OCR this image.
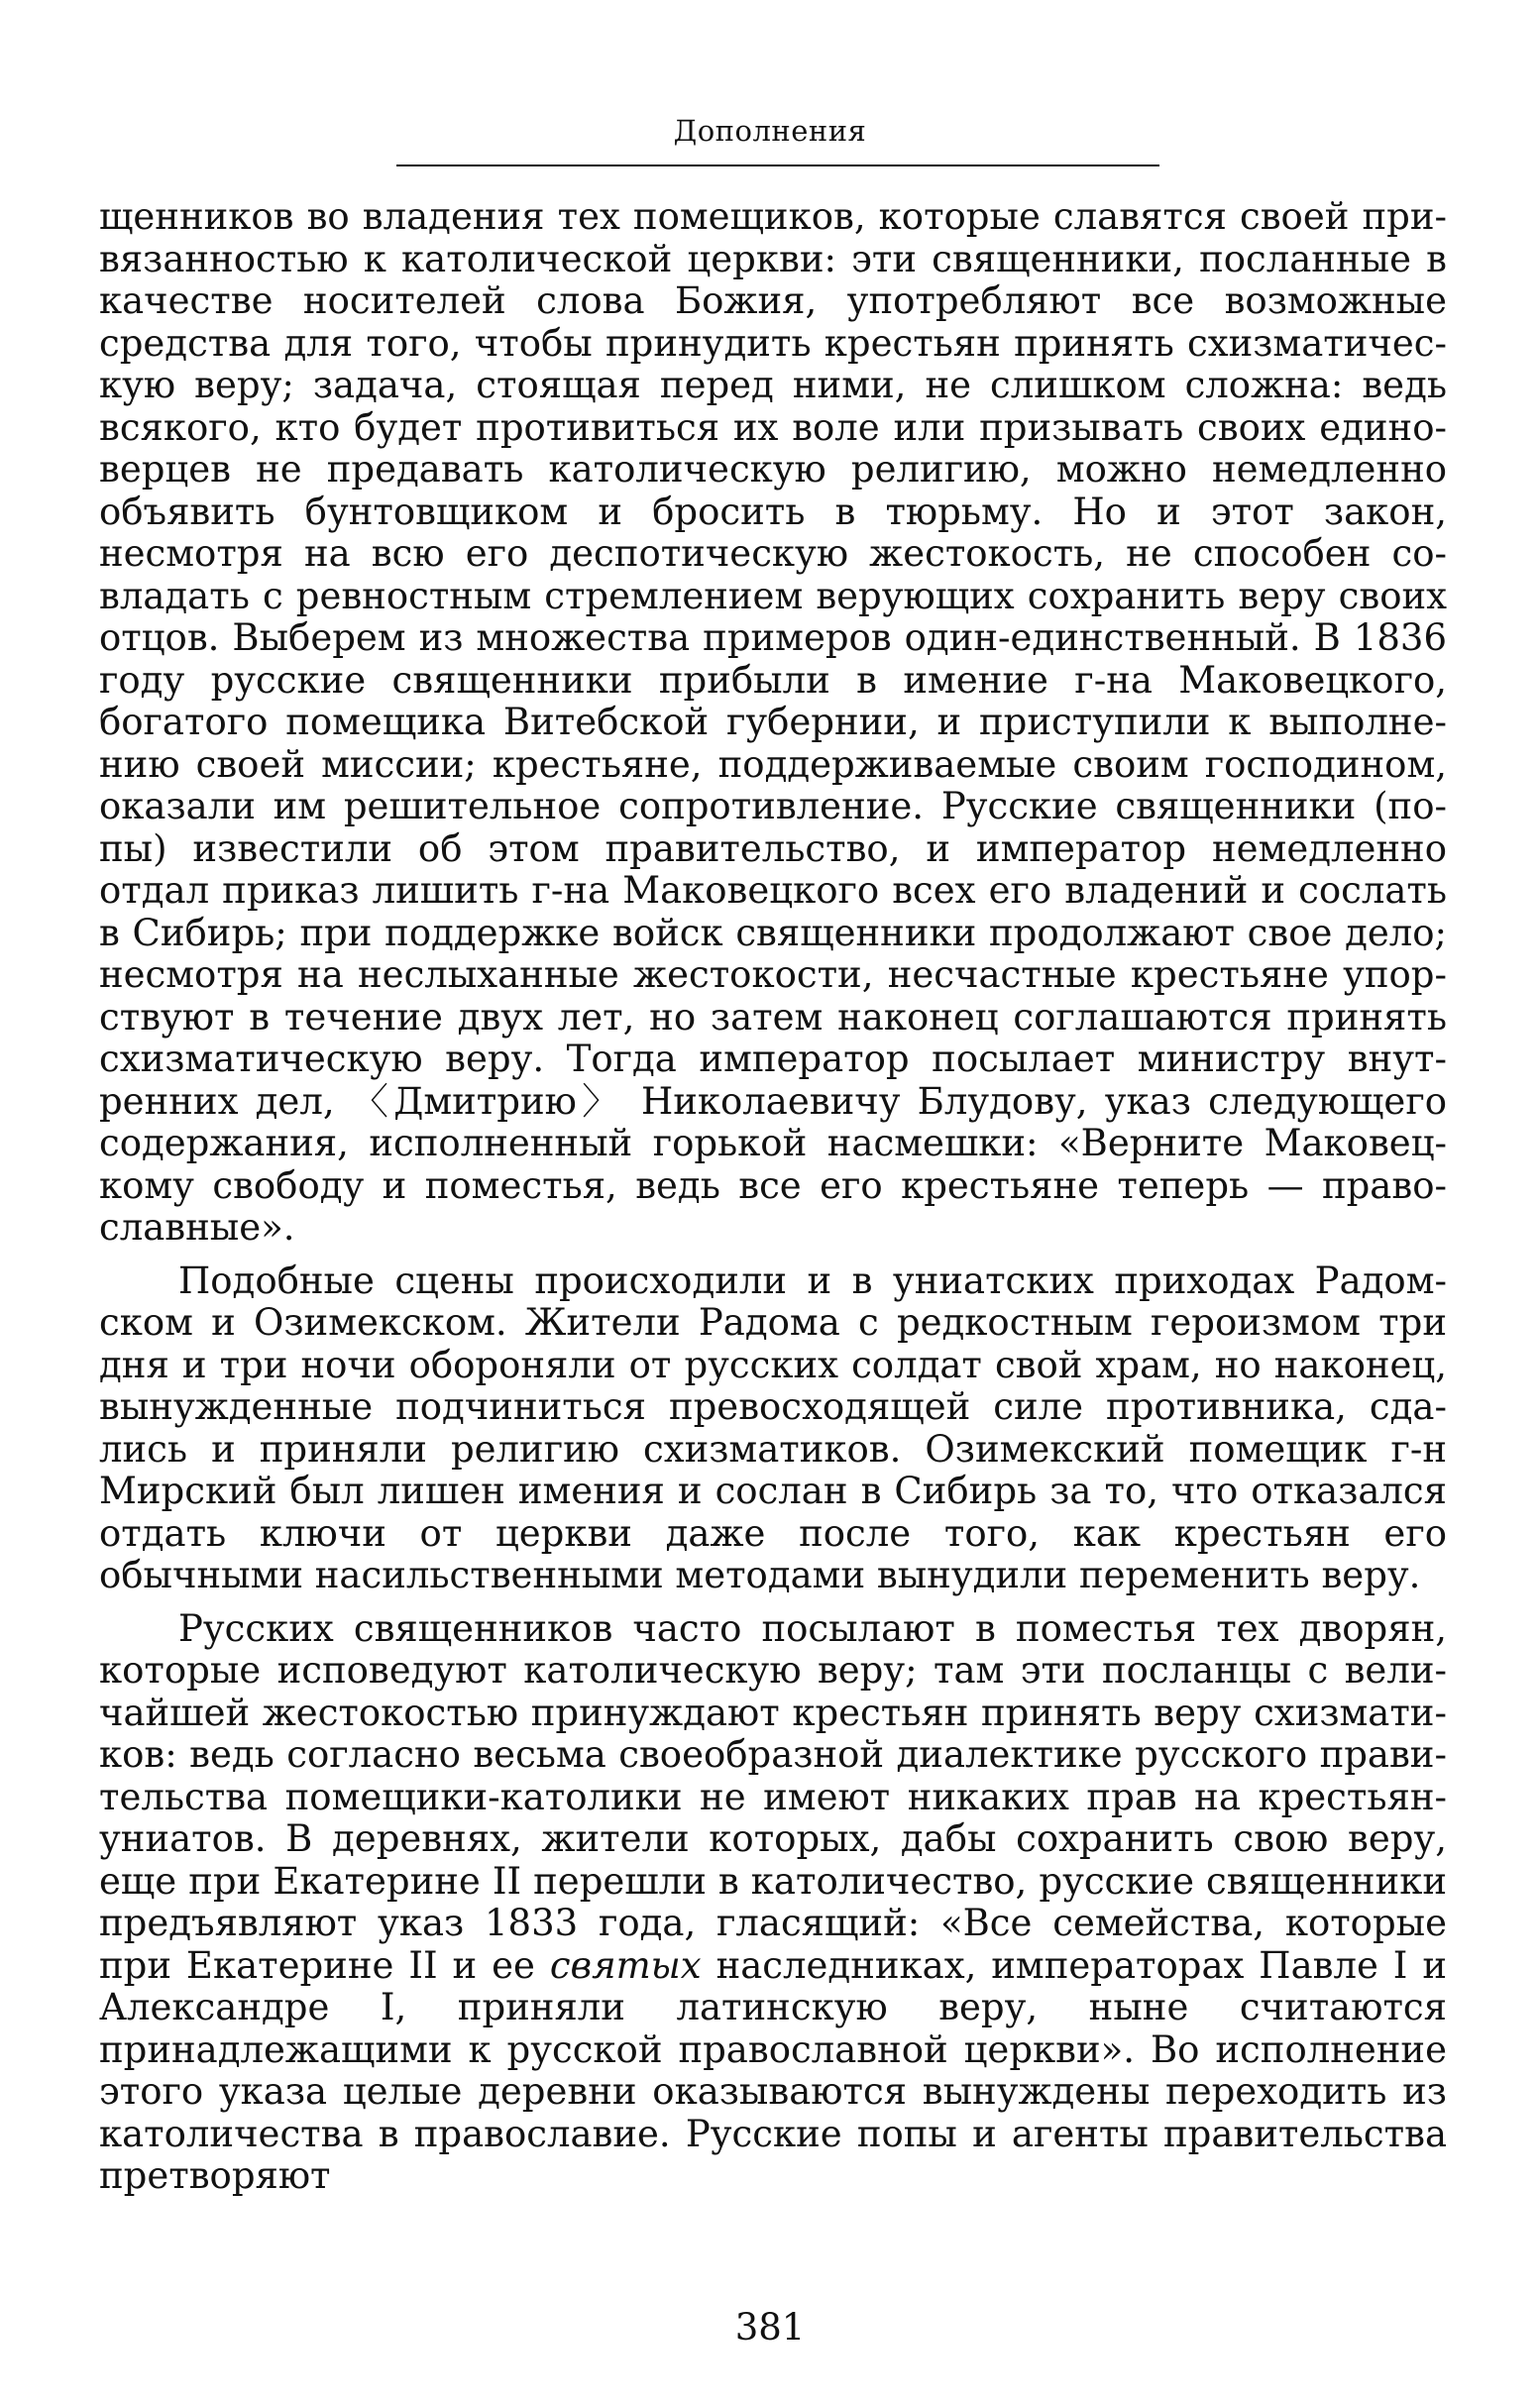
Дополнения

щенников во владения тех помещиков, которые славятся своей привязанностью к католической церкви: эти священники, посланные в качестве носителей слова Божия, употребляют все возможные средства для того, чтобы принудить крестьян принять схизматическую веру; задача, стоящая перед ними, не слишком сложна: ведь всякого, кто будет противиться их воле или призывать своих единоверцев не предавать католическую религию, можно немедленно объявить бунтовщиком и бросить в тюрьму. Но и этот закон, несмотря на всю его деспотическую жестокость, не способен совладать с ревностным стремлением верующих сохранить веру своих отцов. Выберем из множества примеров один-единственный. В 1836 году русские священники прибыли в имение г-на Маковецкого, богатого помещика Витебской губернии, и приступили к выполнению своей миссии; крестьяне, поддерживаемые своим господином, оказали им решительное сопротивление. Русские священники (попы) известили об этом правительство, и император немедленно отдал приказ лишить г-на Маковецкого всех его владений и сослать в Сибирь; при поддержке войск священники продолжают свое дело; несмотря на неслыханные жестокости, несчастные крестьяне упорствуют в течение двух лет, но затем наконец соглашаются принять схизматическую веру. Тогда император посылает министру внутренних дел, 〈Дмитрию〉 Николаевичу Блудову, указ следующего содержания, исполненный горькой насмешки: «Верните Маковецкому свободу и поместья, ведь все его крестьяне теперь — православные».

Подобные сцены происходили и в униатских приходах Радомском и Озимекском. Жители Радома с редкостным героизмом три дня и три ночи обороняли от русских солдат свой храм, но наконец, вынужденные подчиниться превосходящей силе противника, сдались и приняли религию схизматиков. Озимекский помещик г-н Мирский был лишен имения и сослан в Сибирь за то, что отказался отдать ключи от церкви даже после того, как крестьян его обычными насильственными методами вынудили переменить веру.

Русских священников часто посылают в поместья тех дворян, которые исповедуют католическую веру; там эти посланцы с величайшей жестокостью принуждают крестьян принять веру схизматиков: ведь согласно весьма своеобразной диалектике русского правительства помещики-католики не имеют никаких прав на крестьян-униатов. В деревнях, жители которых, дабы сохранить свою веру, еще при Екатерине II перешли в католичество, русские священники предъявляют указ 1833 года, гласящий: «Все семейства, которые при Екатерине II и ее святых наследниках, императорах Павле I и Александре I, приняли латинскую веру, ныне считаются принадлежащими к русской православной церкви». Во исполнение этого указа целые деревни оказываются вынуждены переходить из католичества в православие. Русские попы и агенты правительства претворяют

381
